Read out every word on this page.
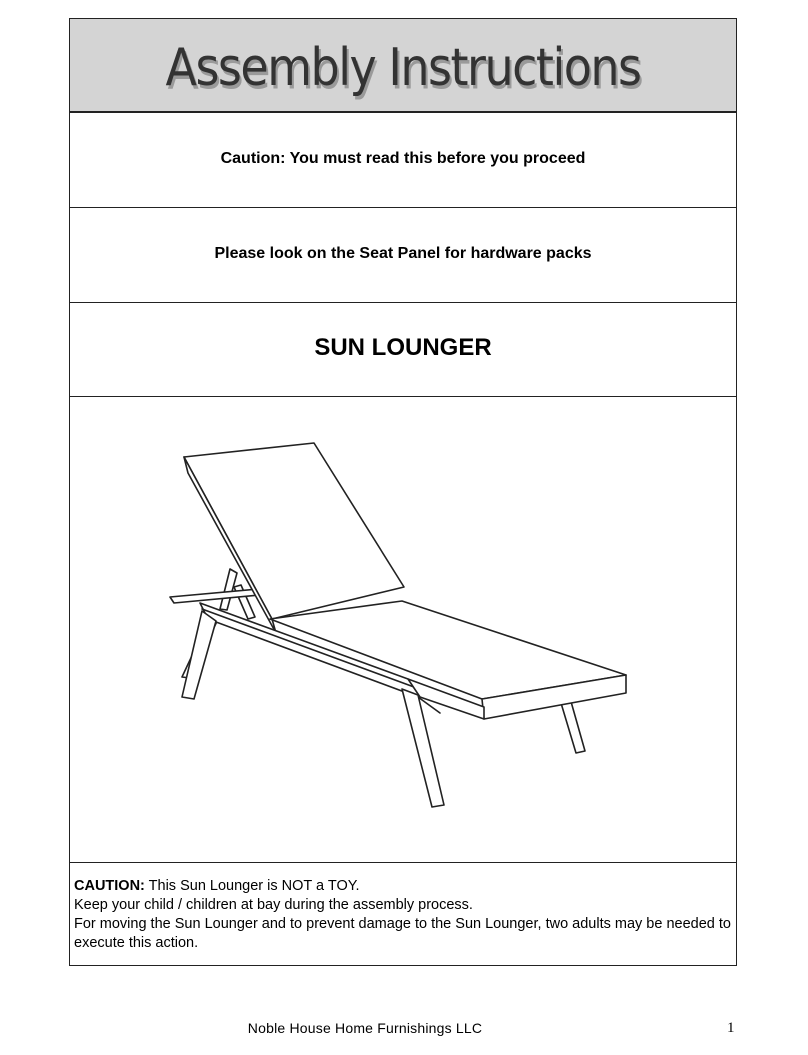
Assembly Instructions
Caution: You must read this before you proceed
Please look on the Seat Panel for hardware packs
SUN LOUNGER

CAUTION: This Sun Lounger is NOT a TOY.

Keep your child / children at bay during the assembly process.

For moving the Sun Lounger and to prevent damage to the Sun Lounger, two adults may be needed to execute this action.

Noble House Home Furnishings LLC	1
